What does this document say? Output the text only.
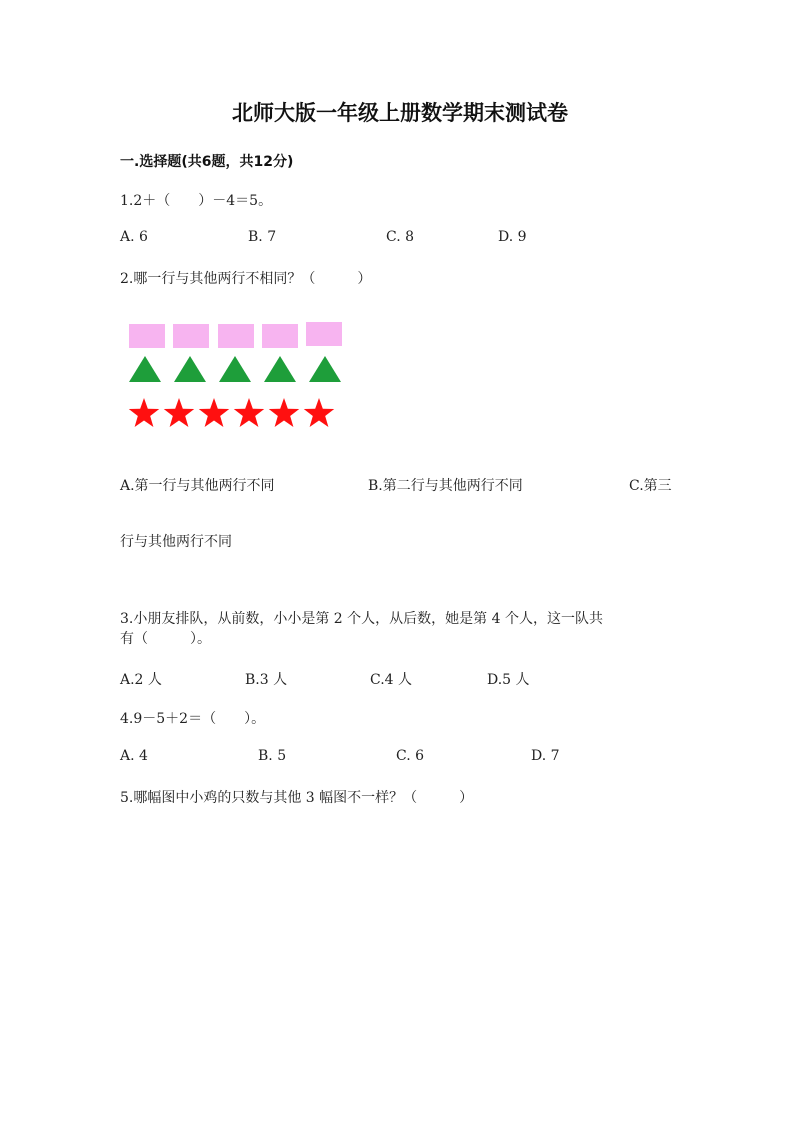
北师大版一年级上册数学期末测试卷
一.选择题(共6题，共12分)
1.2＋（　　）－4＝5。
A. 6	B. 7	C. 8	D. 9
2.哪一行与其他两行不相同？（　　　）
A.第一行与其他两行不同	B.第二行与其他两行不同	C.第三
行与其他两行不同
3.小朋友排队，从前数，小小是第 2 个人，从后数，她是第 4 个人，这一队共
有（　　　）。
A.2 人	B.3 人	C.4 人	D.5 人
4.9－5＋2＝（　　）。
A. 4	B. 5	C. 6	D. 7
5.哪幅图中小鸡的只数与其他 3 幅图不一样？（　　　）
